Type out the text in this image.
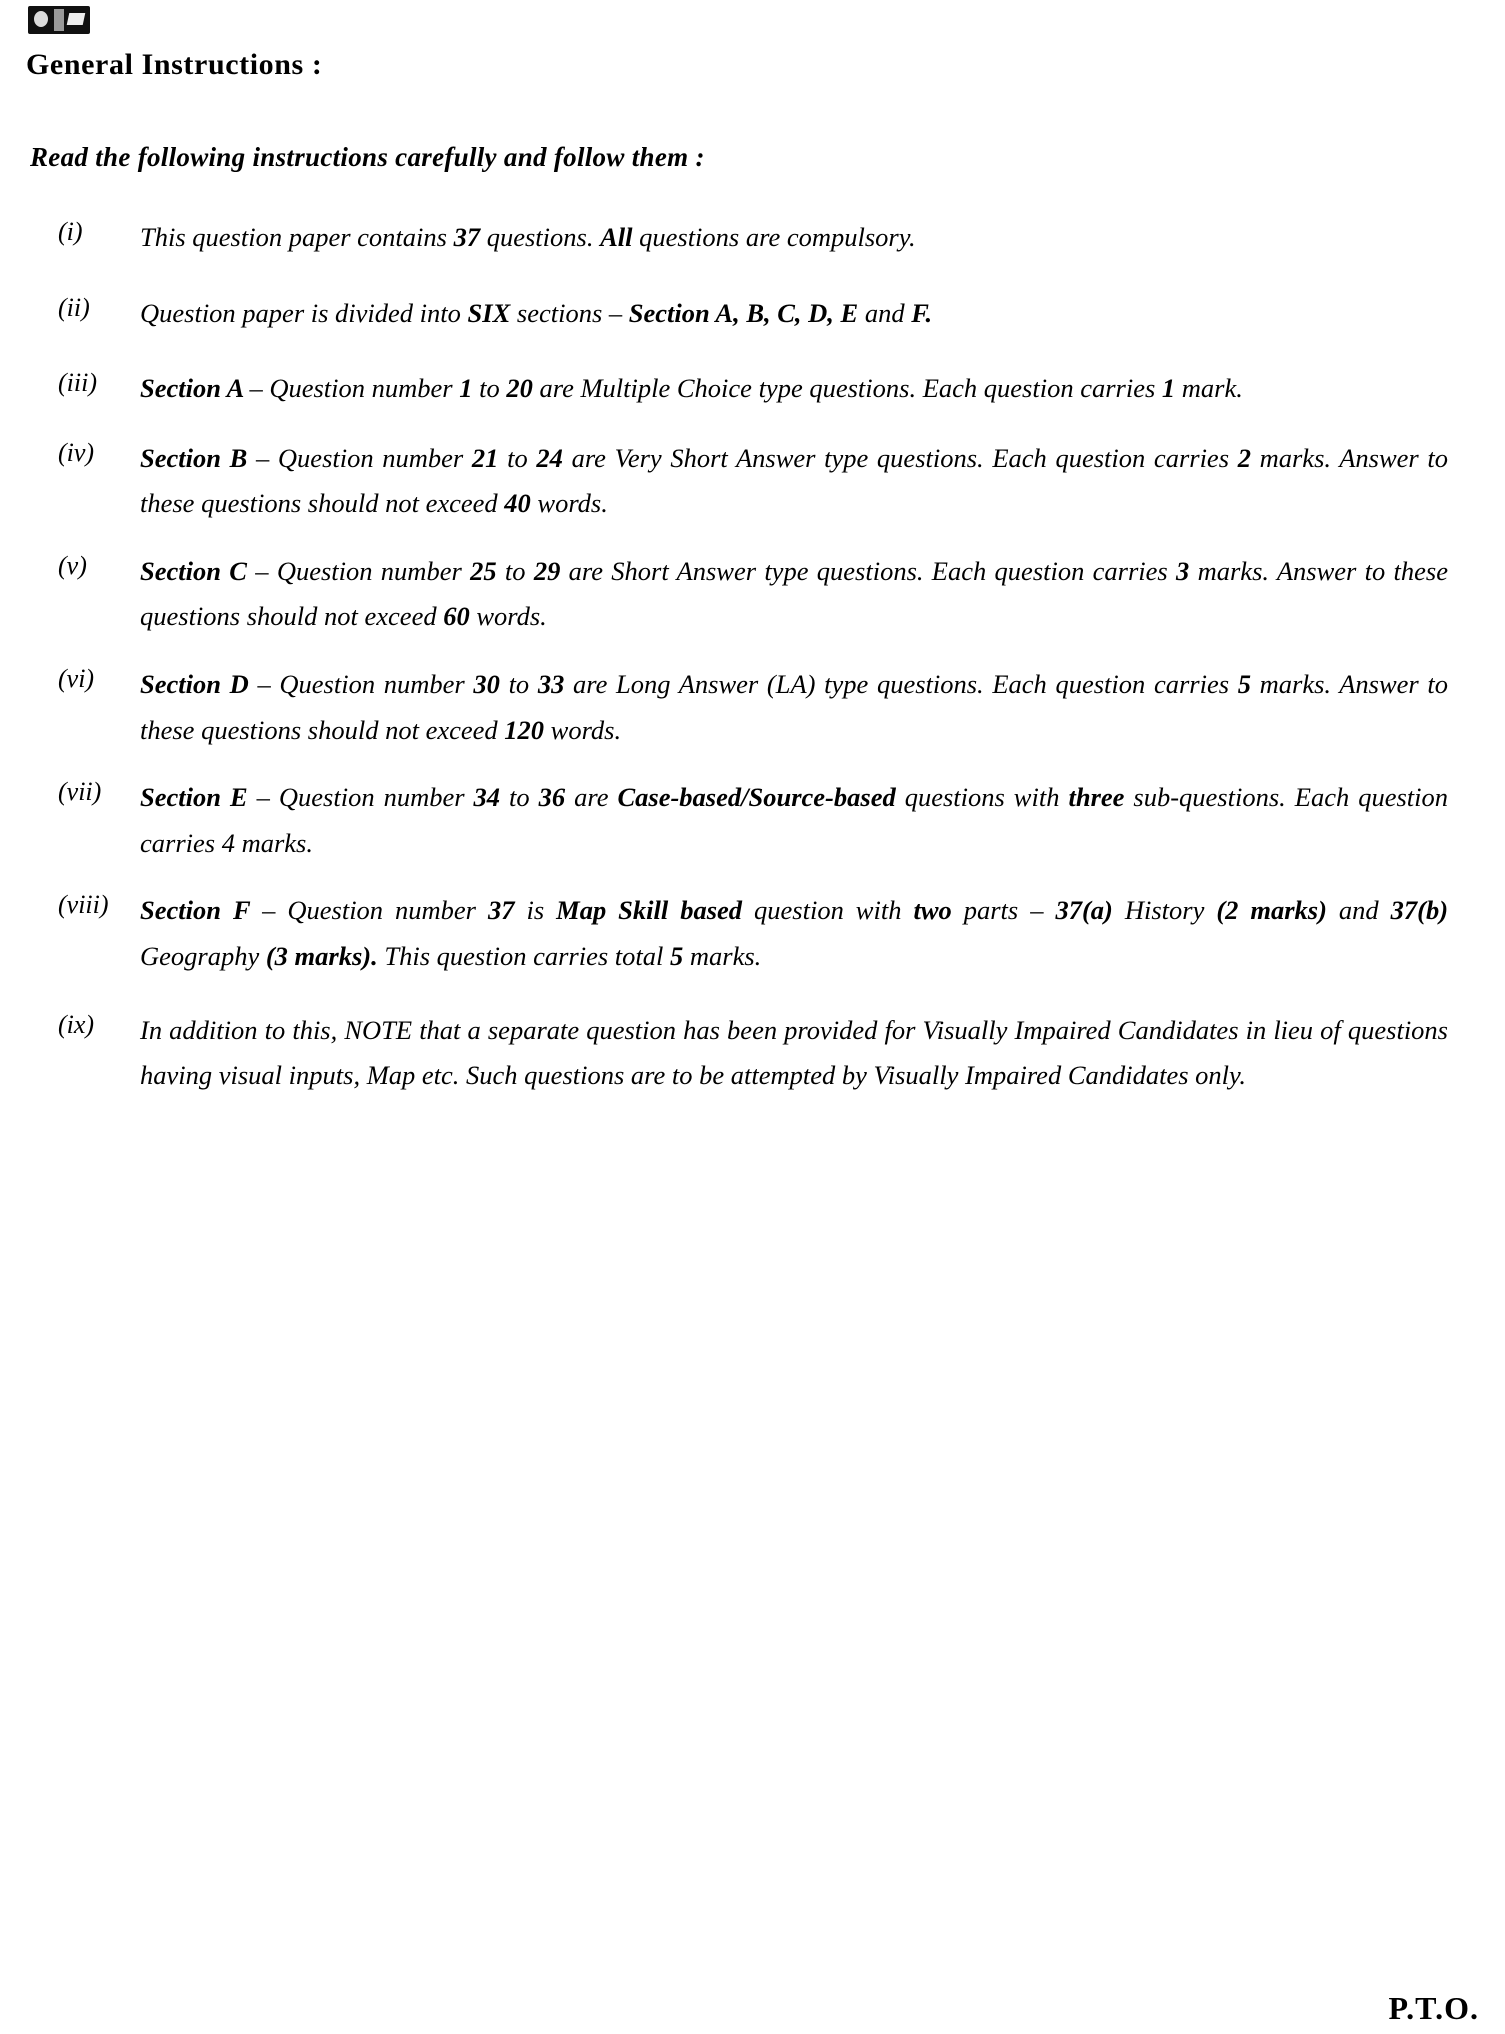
General Instructions :
Read the following instructions carefully and follow them :
(i)	This question paper contains 37 questions. All questions are compulsory.
(ii)	Question paper is divided into SIX sections – Section A, B, C, D, E and F.
(iii)	Section A – Question number 1 to 20 are Multiple Choice type questions. Each question carries 1 mark.
(iv)	Section B – Question number 21 to 24 are Very Short Answer type questions. Each question carries 2 marks. Answer to these questions should not exceed 40 words.
(v)	Section C – Question number 25 to 29 are Short Answer type questions. Each question carries 3 marks. Answer to these questions should not exceed 60 words.
(vi)	Section D – Question number 30 to 33 are Long Answer (LA) type questions. Each question carries 5 marks. Answer to these questions should not exceed 120 words.
(vii)	Section E – Question number 34 to 36 are Case-based/Source-based questions with three sub-questions. Each question carries 4 marks.
(viii)	Section F – Question number 37 is Map Skill based question with two parts – 37(a) History (2 marks) and 37(b) Geography (3 marks). This question carries total 5 marks.
(ix)	In addition to this, NOTE that a separate question has been provided for Visually Impaired Candidates in lieu of questions having visual inputs, Map etc. Such questions are to be attempted by Visually Impaired Candidates only.
P.T.O.
